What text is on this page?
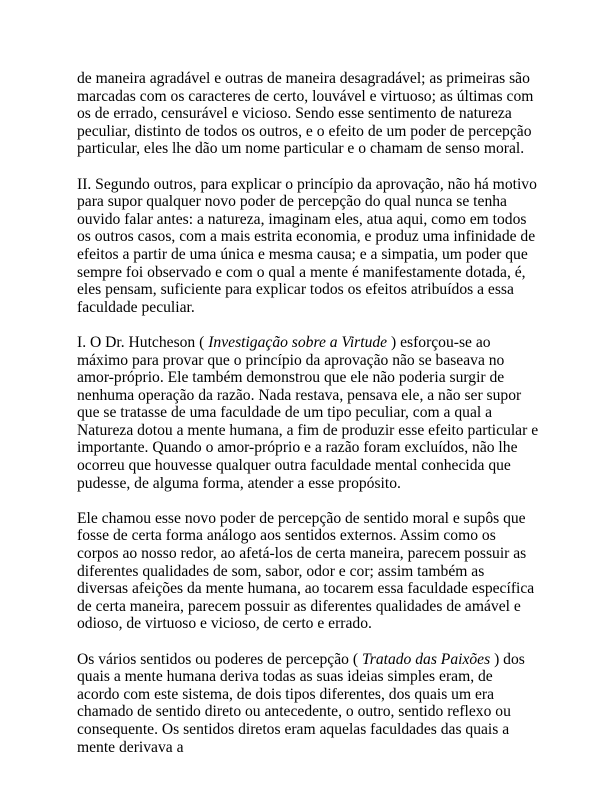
de maneira agradável e outras de maneira desagradável; as primeiras são marcadas com os caracteres de certo, louvável e virtuoso; as últimas com os de errado, censurável e vicioso. Sendo esse sentimento de natureza peculiar, distinto de todos os outros, e o efeito de um poder de percepção particular, eles lhe dão um nome particular e o chamam de senso moral.

II. Segundo outros, para explicar o princípio da aprovação, não há motivo para supor qualquer novo poder de percepção do qual nunca se tenha ouvido falar antes: a natureza, imaginam eles, atua aqui, como em todos os outros casos, com a mais estrita economia, e produz uma infinidade de efeitos a partir de uma única e mesma causa; e a simpatia, um poder que sempre foi observado e com o qual a mente é manifestamente dotada, é, eles pensam, suficiente para explicar todos os efeitos atribuídos a essa faculdade peculiar.

I. O Dr. Hutcheson ( Investigação sobre a Virtude ) esforçou-se ao máximo para provar que o princípio da aprovação não se baseava no amor-próprio. Ele também demonstrou que ele não poderia surgir de nenhuma operação da razão. Nada restava, pensava ele, a não ser supor que se tratasse de uma faculdade de um tipo peculiar, com a qual a Natureza dotou a mente humana, a fim de produzir esse efeito particular e importante. Quando o amor-próprio e a razão foram excluídos, não lhe ocorreu que houvesse qualquer outra faculdade mental conhecida que pudesse, de alguma forma, atender a esse propósito.

Ele chamou esse novo poder de percepção de sentido moral e supôs que fosse de certa forma análogo aos sentidos externos. Assim como os corpos ao nosso redor, ao afetá-los de certa maneira, parecem possuir as diferentes qualidades de som, sabor, odor e cor; assim também as diversas afeições da mente humana, ao tocarem essa faculdade específica de certa maneira, parecem possuir as diferentes qualidades de amável e odioso, de virtuoso e vicioso, de certo e errado.

Os vários sentidos ou poderes de percepção ( Tratado das Paixões ) dos quais a mente humana deriva todas as suas ideias simples eram, de acordo com este sistema, de dois tipos diferentes, dos quais um era chamado de sentido direto ou antecedente, o outro, sentido reflexo ou consequente. Os sentidos diretos eram aquelas faculdades das quais a mente derivava a
